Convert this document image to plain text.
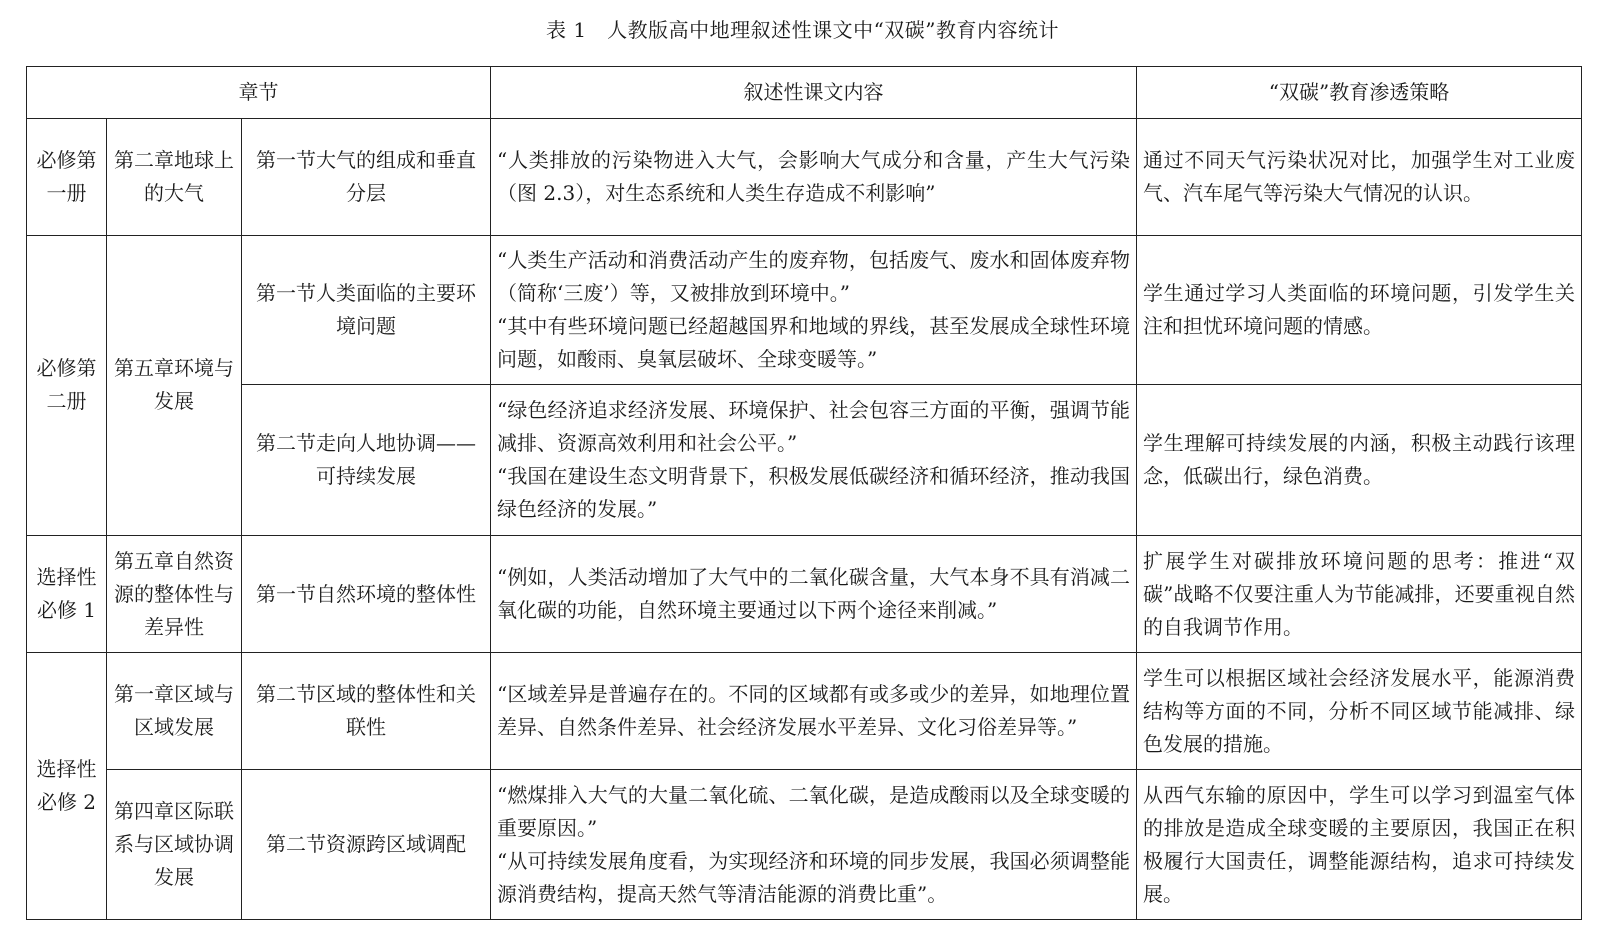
表 1　人教版高中地理叙述性课文中“双碳”教育内容统计
章节			叙述性课文内容	“双碳”教育渗透策略
必修第一册	第二章地球上的大气	第一节大气的组成和垂直分层	“人类排放的污染物进入大气，会影响大气成分和含量，产生大气污染（图 2.3），对生态系统和人类生存造成不利影响”	通过不同天气污染状况对比，加强学生对工业废气、汽车尾气等污染大气情况的认识。
必修第二册	第五章环境与发展	第一节人类面临的主要环境问题	“人类生产活动和消费活动产生的废弃物，包括废气、废水和固体废弃物（简称‘三废’）等，又被排放到环境中。”
“其中有些环境问题已经超越国界和地域的界线，甚至发展成全球性环境问题，如酸雨、臭氧层破坏、全球变暖等。”	学生通过学习人类面临的环境问题，引发学生关注和担忧环境问题的情感。
		第二节走向人地协调——可持续发展	“绿色经济追求经济发展、环境保护、社会包容三方面的平衡，强调节能减排、资源高效利用和社会公平。”
“我国在建设生态文明背景下，积极发展低碳经济和循环经济，推动我国绿色经济的发展。”	学生理解可持续发展的内涵，积极主动践行该理念，低碳出行，绿色消费。
选择性必修 1	第五章自然资源的整体性与差异性	第一节自然环境的整体性	“例如，人类活动增加了大气中的二氧化碳含量，大气本身不具有消减二氧化碳的功能，自然环境主要通过以下两个途径来削减。”	扩展学生对碳排放环境问题的思考：推进“双碳”战略不仅要注重人为节能减排，还要重视自然的自我调节作用。
选择性必修 2	第一章区域与区域发展	第二节区域的整体性和关联性	“区域差异是普遍存在的。不同的区域都有或多或少的差异，如地理位置差异、自然条件差异、社会经济发展水平差异、文化习俗差异等。”	学生可以根据区域社会经济发展水平，能源消费结构等方面的不同，分析不同区域节能减排、绿色发展的措施。
	第四章区际联系与区域协调发展	第二节资源跨区域调配	“燃煤排入大气的大量二氧化硫、二氧化碳，是造成酸雨以及全球变暖的重要原因。”
“从可持续发展角度看，为实现经济和环境的同步发展，我国必须调整能源消费结构，提高天然气等清洁能源的消费比重”。	从西气东输的原因中，学生可以学习到温室气体的排放是造成全球变暖的主要原因，我国正在积极履行大国责任，调整能源结构，追求可持续发展。
